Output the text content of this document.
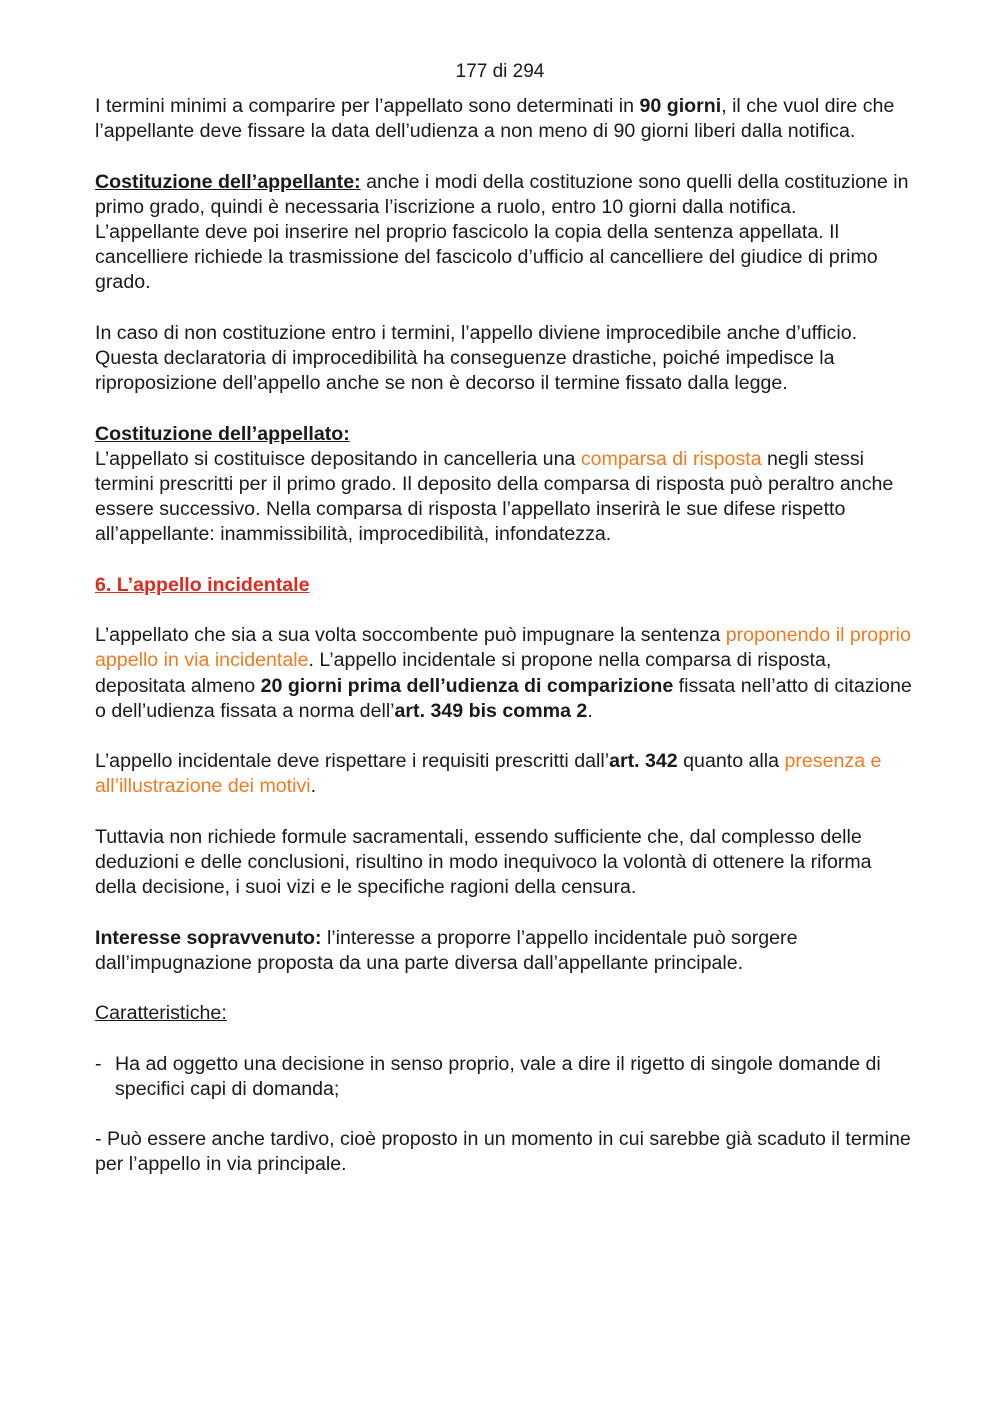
177 di 294

I termini minimi a comparire per l’appellato sono determinati in 90 giorni, il che vuol dire che l’appellante deve fissare la data dell’udienza a non meno di 90 giorni liberi dalla notifica.

Costituzione dell’appellante: anche i modi della costituzione sono quelli della costituzione in primo grado, quindi è necessaria l’iscrizione a ruolo, entro 10 giorni dalla notifica.

L’appellante deve poi inserire nel proprio fascicolo la copia della sentenza appellata. Il cancelliere richiede la trasmissione del fascicolo d’ufficio al cancelliere del giudice di primo grado.

In caso di non costituzione entro i termini, l’appello diviene improcedibile anche d’ufficio.

Questa declaratoria di improcedibilità ha conseguenze drastiche, poiché impedisce la riproposizione dell’appello anche se non è decorso il termine fissato dalla legge.

Costituzione dell’appellato:

L’appellato si costituisce depositando in cancelleria una comparsa di risposta negli stessi termini prescritti per il primo grado. Il deposito della comparsa di risposta può peraltro anche essere successivo. Nella comparsa di risposta l’appellato inserirà le sue difese rispetto all’appellante: inammissibilità, improcedibilità, infondatezza.

6. L’appello incidentale

L’appellato che sia a sua volta soccombente può impugnare la sentenza proponendo il proprio appello in via incidentale. L’appello incidentale si propone nella comparsa di risposta, depositata almeno 20 giorni prima dell’udienza di comparizione fissata nell’atto di citazione o dell’udienza fissata a norma dell’art. 349 bis comma 2.

L’appello incidentale deve rispettare i requisiti prescritti dall’art. 342 quanto alla presenza e all’illustrazione dei motivi.

Tuttavia non richiede formule sacramentali, essendo sufficiente che, dal complesso delle deduzioni e delle conclusioni, risultino in modo inequivoco la volontà di ottenere la riforma della decisione, i suoi vizi e le specifiche ragioni della censura.

Interesse sopravvenuto: l’interesse a proporre l’appello incidentale può sorgere dall’impugnazione proposta da una parte diversa dall’appellante principale.

Caratteristiche:

- Ha ad oggetto una decisione in senso proprio, vale a dire il rigetto di singole domande di specifici capi di domanda;

- Può essere anche tardivo, cioè proposto in un momento in cui sarebbe già scaduto il termine per l’appello in via principale.
